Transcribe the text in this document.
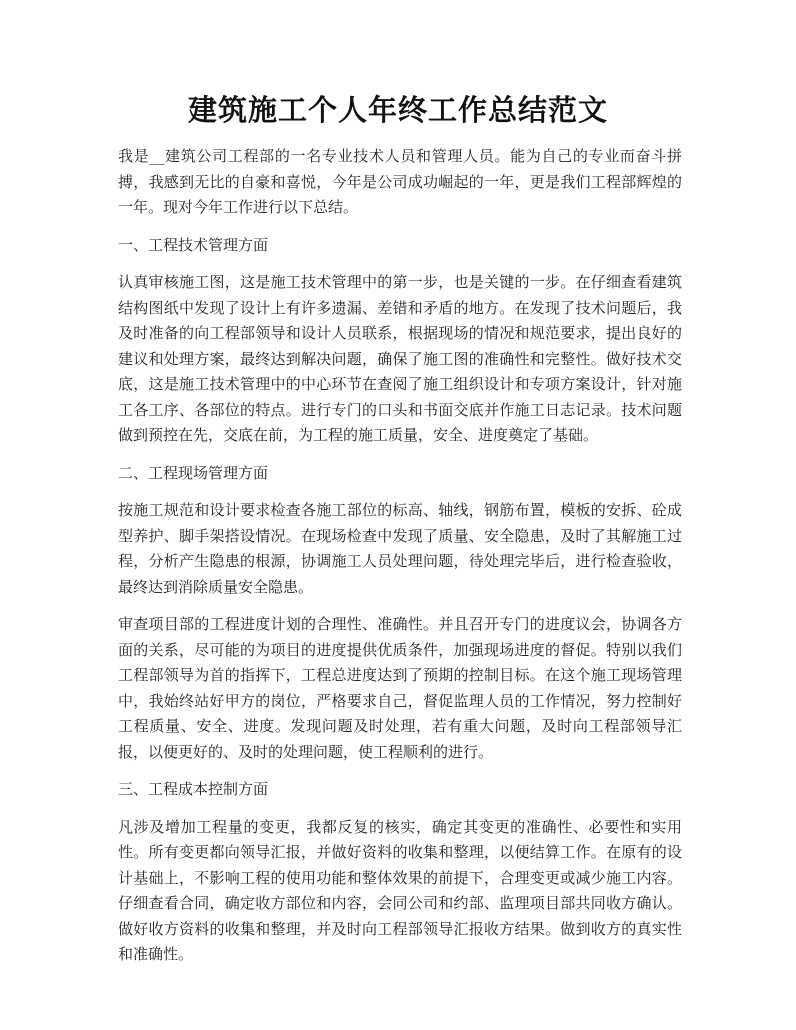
建筑施工个人年终工作总结范文

我是__建筑公司工程部的一名专业技术人员和管理人员。能为自己的专业而奋斗拼搏，我感到无比的自豪和喜悦，今年是公司成功崛起的一年，更是我们工程部辉煌的一年。现对今年工作进行以下总结。

一、工程技术管理方面

认真审核施工图，这是施工技术管理中的第一步，也是关键的一步。在仔细查看建筑结构图纸中发现了设计上有许多遗漏、差错和矛盾的地方。在发现了技术问题后，我及时准备的向工程部领导和设计人员联系，根据现场的情况和规范要求，提出良好的建议和处理方案，最终达到解决问题，确保了施工图的准确性和完整性。做好技术交底，这是施工技术管理中的中心环节在查阅了施工组织设计和专项方案设计，针对施工各工序、各部位的特点。进行专门的口头和书面交底并作施工日志记录。技术问题做到预控在先，交底在前，为工程的施工质量，安全、进度奠定了基础。

二、工程现场管理方面

按施工规范和设计要求检查各施工部位的标高、轴线，钢筋布置，模板的安拆、砼成型养护、脚手架搭设情况。在现场检查中发现了质量、安全隐患，及时了其解施工过程，分析产生隐患的根源，协调施工人员处理问题，待处理完毕后，进行检查验收，最终达到消除质量安全隐患。

审查项目部的工程进度计划的合理性、准确性。并且召开专门的进度议会，协调各方面的关系，尽可能的为项目的进度提供优质条件，加强现场进度的督促。特别以我们工程部领导为首的指挥下，工程总进度达到了预期的控制目标。在这个施工现场管理中，我始终站好甲方的岗位，严格要求自己，督促监理人员的工作情况，努力控制好工程质量、安全、进度。发现问题及时处理，若有重大问题，及时向工程部领导汇报，以便更好的、及时的处理问题，使工程顺利的进行。

三、工程成本控制方面

凡涉及增加工程量的变更，我都反复的核实，确定其变更的准确性、必要性和实用性。所有变更都向领导汇报，并做好资料的收集和整理，以便结算工作。在原有的设计基础上，不影响工程的使用功能和整体效果的前提下，合理变更或减少施工内容。仔细查看合同，确定收方部位和内容，会同公司和约部、监理项目部共同收方确认。做好收方资料的收集和整理，并及时向工程部领导汇报收方结果。做到收方的真实性和准确性。
